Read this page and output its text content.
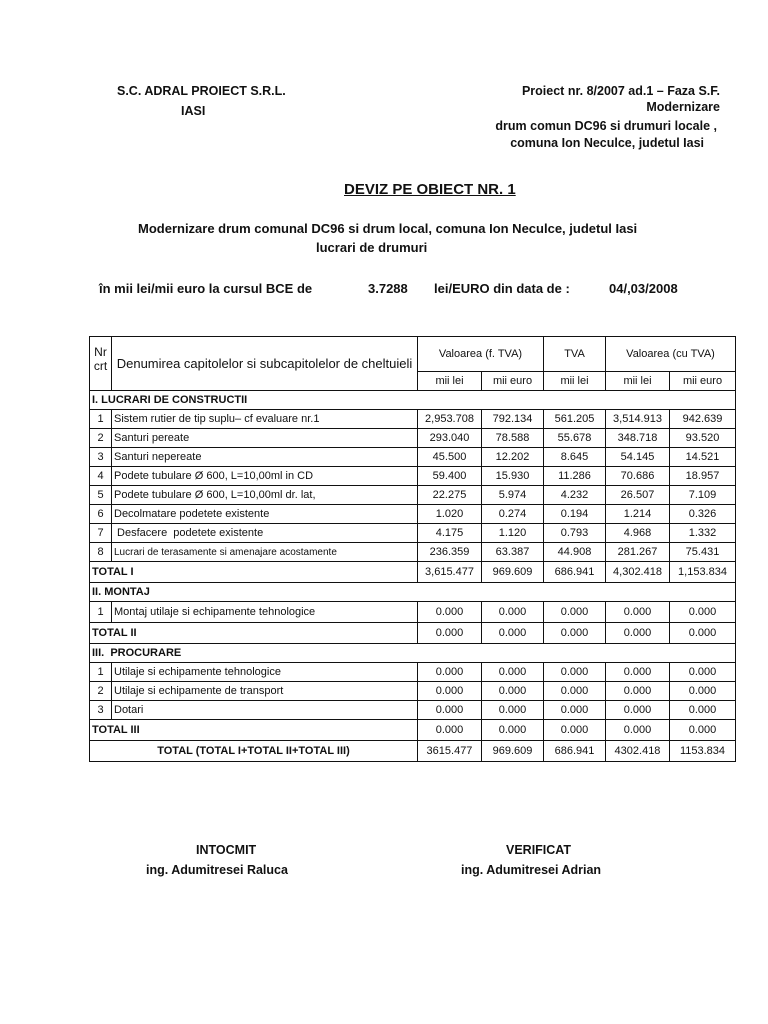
S.C. ADRAL PROIECT S.R.L.
IASI
Proiect nr. 8/2007 ad.1 – Faza S.F.
Modernizare
drum comun DC96 si drumuri locale ,
comuna Ion Neculce, judetul Iasi
DEVIZ PE OBIECT NR. 1
Modernizare drum comunal DC96 si drum local, comuna Ion Neculce, judetul Iasi
lucrari de drumuri
în mii lei/mii euro la cursul BCE de	3.7288 lei/EURO din data de :	04/,03/2008
Nr crt	Denumirea capitolelor si subcapitolelor de cheltuieli	Valoarea (f. TVA)		TVA	Valoarea (cu TVA)	
		mii lei	mii euro	mii lei	mii lei	mii euro
I. LUCRARI DE CONSTRUCTII						
1	Sistem rutier de tip suplu– cf evaluare nr.1	2,953.708	792.134	561.205	3,514.913	942.639
2	Santuri pereate	293.040	78.588	55.678	348.718	93.520
3	Santuri nepereate	45.500	12.202	8.645	54.145	14.521
4	Podete tubulare Ø 600, L=10,00ml in CD	59.400	15.930	11.286	70.686	18.957
5	Podete tubulare Ø 600, L=10,00ml dr. lat,	22.275	5.974	4.232	26.507	7.109
6	Decolmatare podetete existente	1.020	0.274	0.194	1.214	0.326
7	Desfacere  podetete existente	4.175	1.120	0.793	4.968	1.332
8	Lucrari de terasamente si amenajare acostamente	236.359	63.387	44.908	281.267	75.431
TOTAL I		3,615.477	969.609	686.941	4,302.418	1,153.834
II. MONTAJ						
1	Montaj utilaje si echipamente tehnologice	0.000	0.000	0.000	0.000	0.000
TOTAL II		0.000	0.000	0.000	0.000	0.000
III.  PROCURARE						
1	Utilaje si echipamente tehnologice	0.000	0.000	0.000	0.000	0.000
2	Utilaje si echipamente de transport	0.000	0.000	0.000	0.000	0.000
3	Dotari	0.000	0.000	0.000	0.000	0.000
TOTAL III		0.000	0.000	0.000	0.000	0.000
TOTAL (TOTAL I+TOTAL II+TOTAL III)		3615.477	969.609	686.941	4302.418	1153.834
INTOCMIT
ing. Adumitresei Raluca
VERIFICAT
ing. Adumitresei Adrian
